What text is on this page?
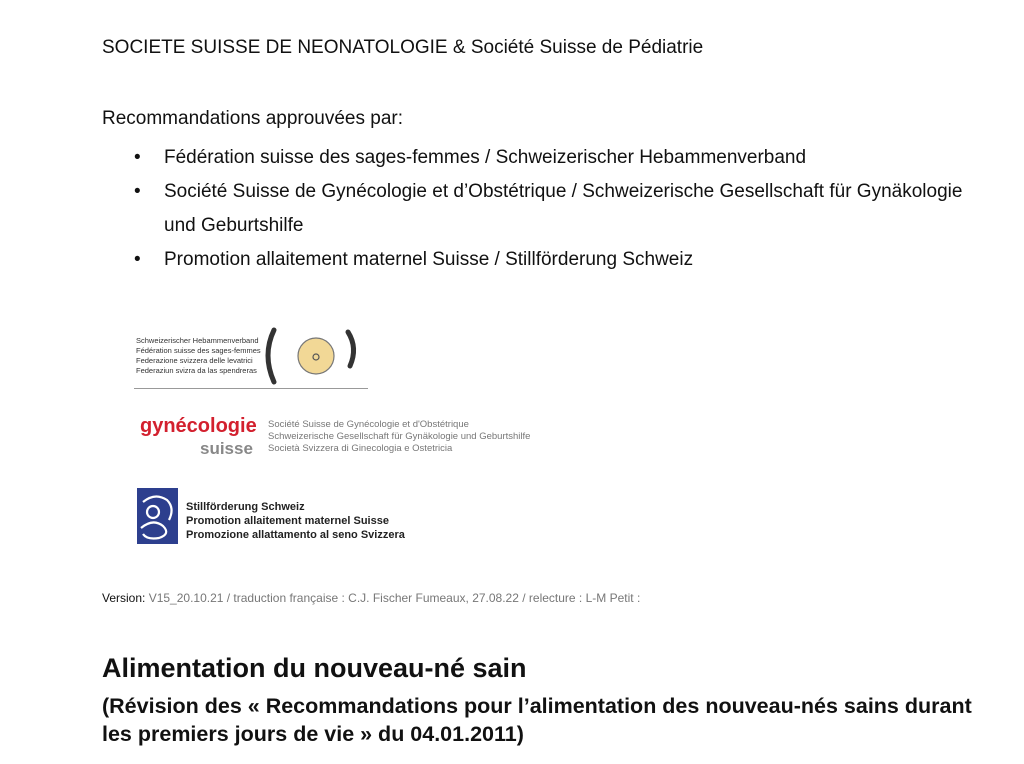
SOCIETE SUISSE DE NEONATOLOGIE & Société Suisse de Pédiatrie
Recommandations approuvées par:
• Fédération suisse des sages-femmes / Schweizerischer Hebammenverband
• Société Suisse de Gynécologie et d’Obstétrique / Schweizerische Gesellschaft für Gynäkologie und Geburtshilfe
• Promotion allaitement maternel Suisse / Stillförderung Schweiz
Schweizerischer Hebammenverband
Fédération suisse des sages-femmes
Federazione svizzera delle levatrici
Federaziun svizra da las spendreras
gynécologie
suisse
Société Suisse de Gynécologie et d'Obstétrique
Schweizerische Gesellschaft für Gynäkologie und Geburtshilfe
Società Svizzera di Ginecologia e Ostetricia
Stillförderung Schweiz
Promotion allaitement maternel Suisse
Promozione allattamento al seno Svizzera
Version: V15_20.10.21 / traduction française : C.J. Fischer Fumeaux, 27.08.22 / relecture : L-M Petit :
Alimentation du nouveau-né sain
(Révision des « Recommandations pour l’alimentation des nouveau-nés sains durant les premiers jours de vie » du 04.01.2011)
